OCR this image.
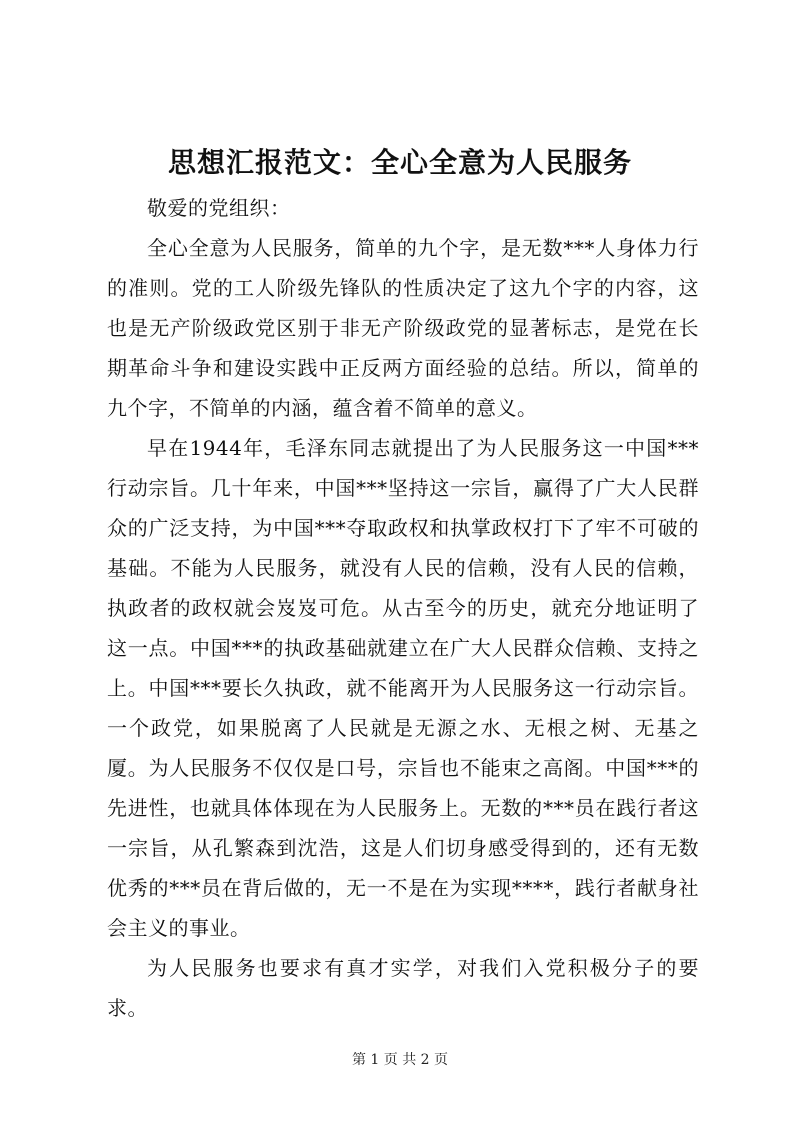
思想汇报范文：全心全意为人民服务

敬爱的党组织：

全心全意为人民服务，简单的九个字，是无数***人身体力行的准则。党的工人阶级先锋队的性质决定了这九个字的内容，这也是无产阶级政党区别于非无产阶级政党的显著标志，是党在长期革命斗争和建设实践中正反两方面经验的总结。所以，简单的九个字，不简单的内涵，蕴含着不简单的意义。

早在1944年，毛泽东同志就提出了为人民服务这一中国***行动宗旨。几十年来，中国***坚持这一宗旨，赢得了广大人民群众的广泛支持，为中国***夺取政权和执掌政权打下了牢不可破的基础。不能为人民服务，就没有人民的信赖，没有人民的信赖，执政者的政权就会岌岌可危。从古至今的历史，就充分地证明了这一点。中国***的执政基础就建立在广大人民群众信赖、支持之上。中国***要长久执政，就不能离开为人民服务这一行动宗旨。一个政党，如果脱离了人民就是无源之水、无根之树、无基之厦。为人民服务不仅仅是口号，宗旨也不能束之高阁。中国***的先进性，也就具体体现在为人民服务上。无数的***员在践行者这一宗旨，从孔繁森到沈浩，这是人们切身感受得到的，还有无数优秀的***员在背后做的，无一不是在为实现****，践行者献身社会主义的事业。

为人民服务也要求有真才实学，对我们入党积极分子的要求。

第 1 页 共 2 页
